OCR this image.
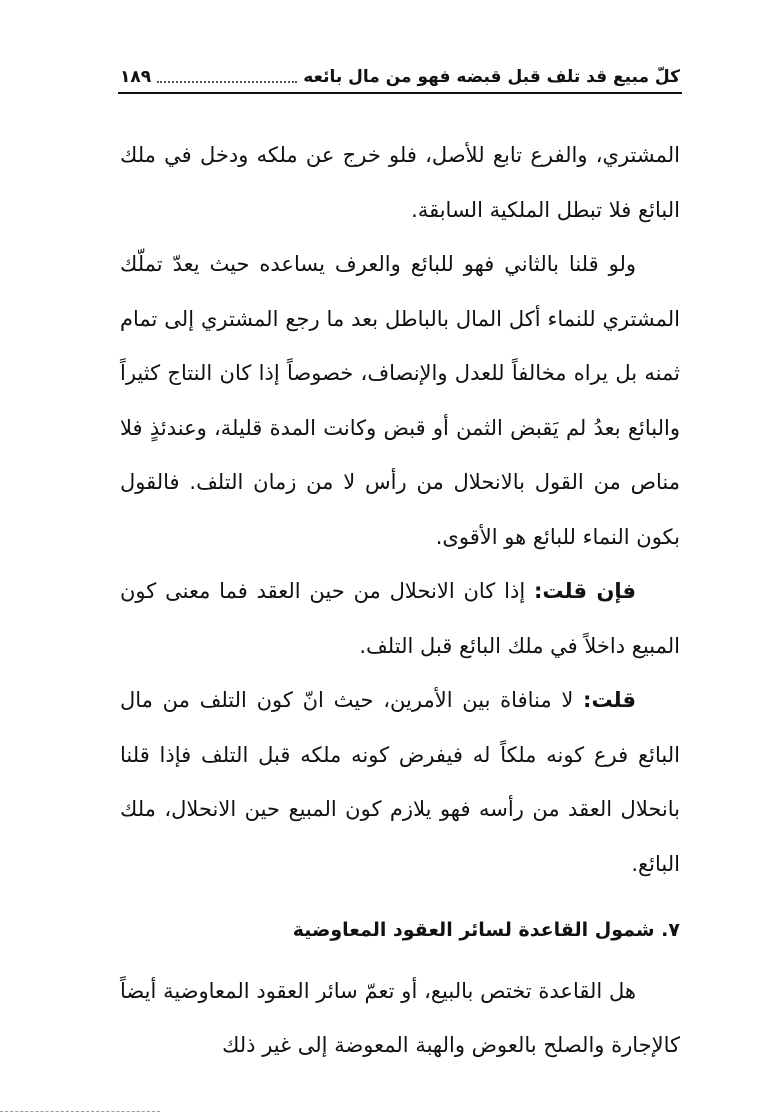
كلّ مبيع قد تلف قبل قبضه فهو من مال بائعه
١٨٩

المشتري، والفرع تابع للأصل، فلو خرج عن ملكه ودخل في ملك البائع فلا تبطل الملكية السابقة.

ولو قلنا بالثاني فهو للبائع والعرف يساعده حيث يعدّ تملّك المشتري للنماء أكل المال بالباطل بعد ما رجع المشتري إلى تمام ثمنه بل يراه مخالفاً للعدل والإنصاف، خصوصاً إذا كان النتاج كثيراً والبائع بعدُ لم يَقبض الثمن أو قبض وكانت المدة قليلة، وعندئذٍ فلا مناص من القول بالانحلال من رأس لا من زمان التلف. فالقول بكون النماء للبائع هو الأقوى.

فإن قلت: إذا كان الانحلال من حين العقد فما معنى كون المبيع داخلاً في ملك البائع قبل التلف.

قلت: لا منافاة بين الأمرين، حيث انّ كون التلف من مال البائع فرع كونه ملكاً له فيفرض كونه ملكه قبل التلف فإذا قلنا بانحلال العقد من رأسه فهو يلازم كون المبيع حين الانحلال، ملك البائع.

٧. شمول القاعدة لسائر العقود المعاوضية

هل القاعدة تختص بالبيع، أو تعمّ سائر العقود المعاوضية أيضاً كالإجارة والصلح بالعوض والهبة المعوضة إلى غير ذلك
